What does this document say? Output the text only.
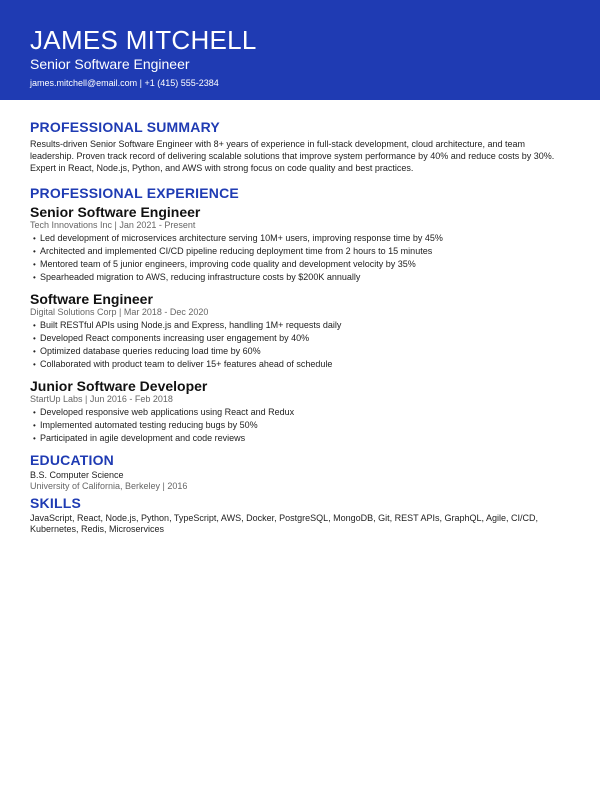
JAMES MITCHELL
Senior Software Engineer
james.mitchell@email.com | +1 (415) 555-2384
PROFESSIONAL SUMMARY
Results-driven Senior Software Engineer with 8+ years of experience in full-stack development, cloud architecture, and team leadership. Proven track record of delivering scalable solutions that improve system performance by 40% and reduce costs by 30%. Expert in React, Node.js, Python, and AWS with strong focus on code quality and best practices.
PROFESSIONAL EXPERIENCE
Senior Software Engineer
Tech Innovations Inc | Jan 2021 - Present
• Led development of microservices architecture serving 10M+ users, improving response time by 45%
• Architected and implemented CI/CD pipeline reducing deployment time from 2 hours to 15 minutes
• Mentored team of 5 junior engineers, improving code quality and development velocity by 35%
• Spearheaded migration to AWS, reducing infrastructure costs by $200K annually
Software Engineer
Digital Solutions Corp | Mar 2018 - Dec 2020
• Built RESTful APIs using Node.js and Express, handling 1M+ requests daily
• Developed React components increasing user engagement by 40%
• Optimized database queries reducing load time by 60%
• Collaborated with product team to deliver 15+ features ahead of schedule
Junior Software Developer
StartUp Labs | Jun 2016 - Feb 2018
• Developed responsive web applications using React and Redux
• Implemented automated testing reducing bugs by 50%
• Participated in agile development and code reviews
EDUCATION
B.S. Computer Science
University of California, Berkeley | 2016
SKILLS
JavaScript, React, Node.js, Python, TypeScript, AWS, Docker, PostgreSQL, MongoDB, Git, REST APIs, GraphQL, Agile, CI/CD, Kubernetes, Redis, Microservices
